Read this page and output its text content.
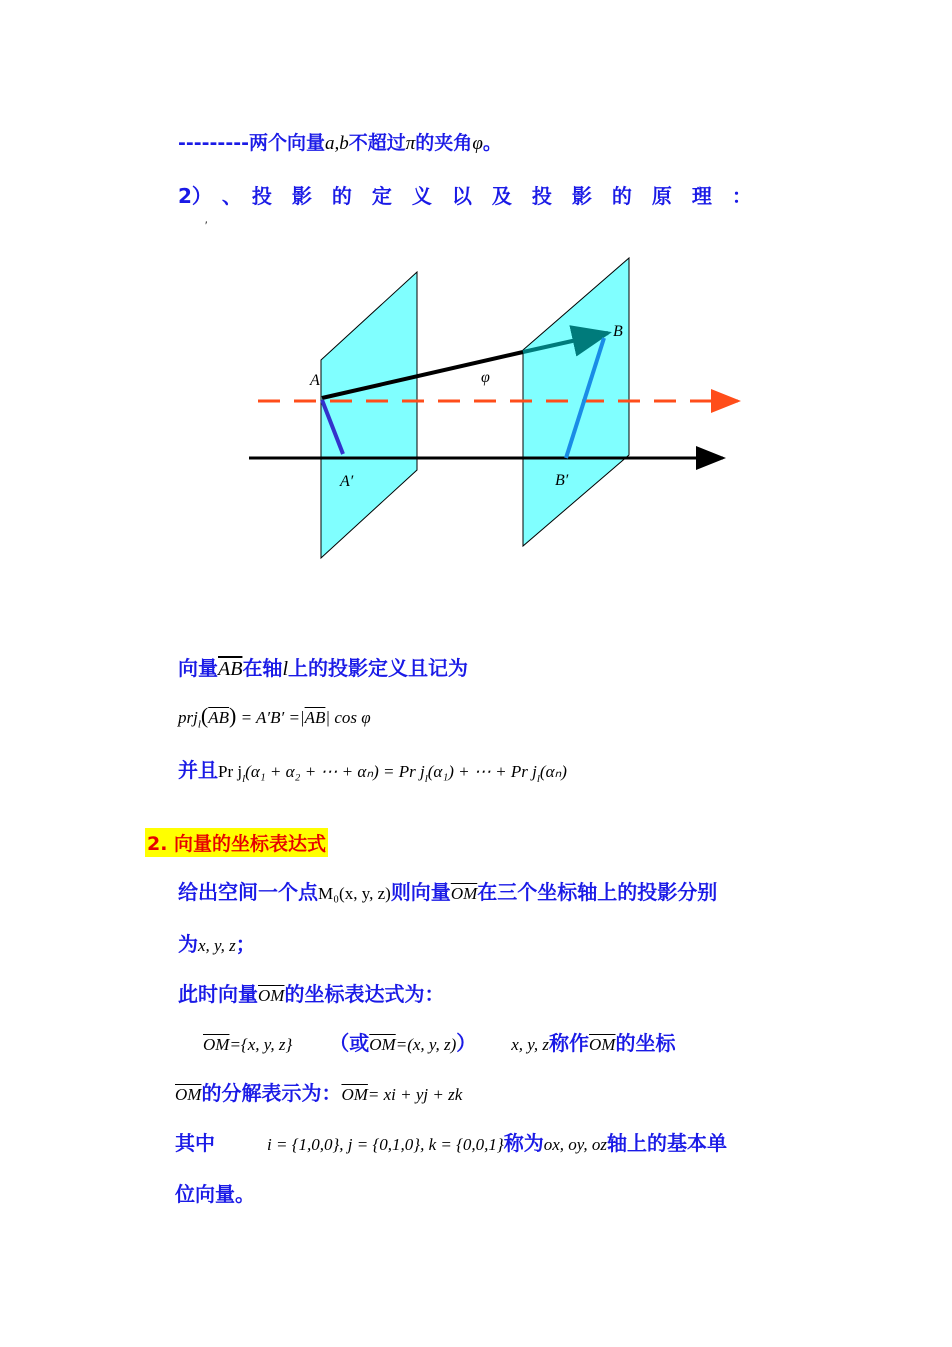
---------两个向量a,b不超过π的夹角φ。
2）　、　投　影　的　定　义　以　及　投　影　的　原　理　：
′
A
B
φ
A′	B′
向量$\overline{AB}$在轴l上的投影定义且记为
$prj_l(\overline{AB}) = A'B' =|\overline{AB}|$ cos φ
并且Pr $j_l(\alpha_1 + \alpha_2$ + ⋯ + αₙ) = Pr $j_l(\alpha_1)$ + ⋯ + Pr $j_l(\alpha_n)$
2. 向量的坐标表达式
给出空间一个点M₀(x, y, z)则向量$\overline{OM}$在三个坐标轴上的投影分别
为x, y, z；
此时向量$\overline{OM}$的坐标表达式为：
$\overline{OM}=\{x$, y, z} （或$\overline{OM}=(x$, y, z)） x, y, z称作$\overline{OM}$的坐标
$\overline{OM}$的分解表示为：$\overline{OM}=$ xi + yj + zk
其中	i = {1,0,0}, j = {0,1,0}, k = {0,0,1}称为ox, oy, oz轴上的基本单
位向量。
